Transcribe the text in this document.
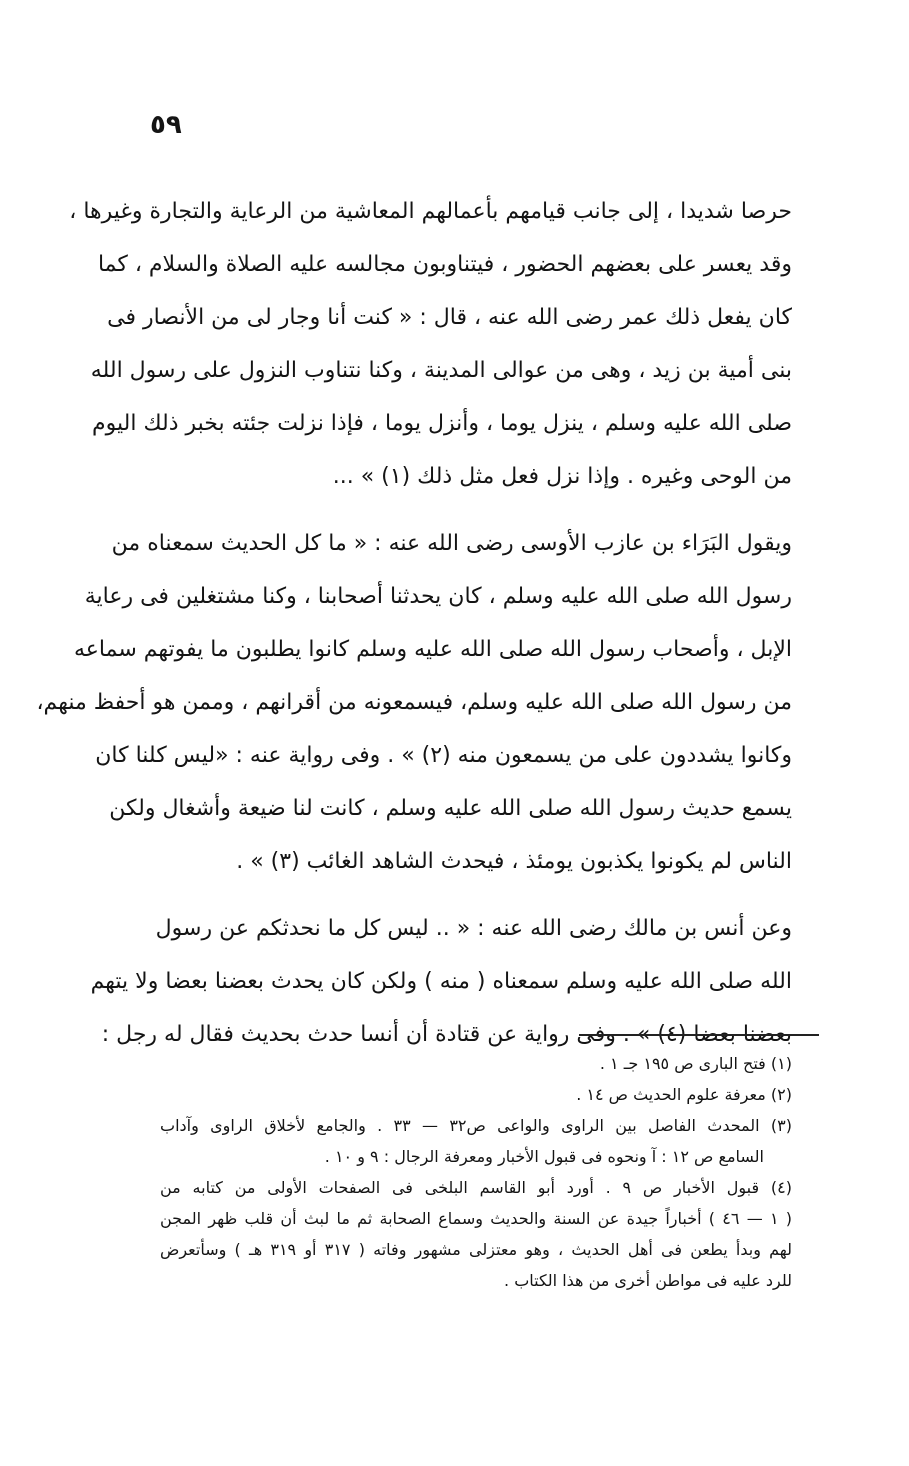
٥٩
حرصا شديدا ، إلى جانب قيامهم بأعمالهم المعاشية من الرعاية والتجارة وغيرها ،
وقد يعسر على بعضهم الحضور ، فيتناوبون مجالسه عليه الصلاة والسلام ، كما
كان يفعل ذلك عمر رضى الله عنه ، قال : « كنت أنا وجار لى من الأنصار فى
بنى أمية بن زيد ، وهى من عوالى المدينة ، وكنا نتناوب النزول على رسول الله
صلى الله عليه وسلم ، ينزل يوما ، وأنزل يوما ، فإذا نزلت جئته بخبر ذلك اليوم
من الوحى وغيره . وإذا نزل فعل مثل ذلك (١) » ...
ويقول البَرَاء بن عازب الأوسى رضى الله عنه : « ما كل الحديث سمعناه من
رسول الله صلى الله عليه وسلم ، كان يحدثنا أصحابنا ، وكنا مشتغلين فى رعاية
الإبل ، وأصحاب رسول الله صلى الله عليه وسلم كانوا يطلبون ما يفوتهم سماعه
من رسول الله صلى الله عليه وسلم، فيسمعونه من أقرانهم ، وممن هو أحفظ منهم،
وكانوا يشددون على من يسمعون منه (٢) » . وفى رواية عنه : «ليس كلنا كان
يسمع حديث رسول الله صلى الله عليه وسلم ، كانت لنا ضيعة وأشغال ولكن
الناس لم يكونوا يكذبون يومئذ ، فيحدث الشاهد الغائب (٣) » .
وعن أنس بن مالك رضى الله عنه : « .. ليس كل ما نحدثكم عن رسول
الله صلى الله عليه وسلم سمعناه ( منه ) ولكن كان يحدث بعضنا بعضا ولا يتهم
بعضنا بعضا (٤) » . وفى رواية عن قتادة أن أنسا حدث بحديث فقال له رجل :
(١) فتح البارى ص ١٩٥ جـ ١ .
(٢) معرفة علوم الحديث ص ١٤ .
(٣) المحدث الفاصل بين الراوى والواعى ص٣٢ — ٣٣ . والجامع لأخلاق الراوى وآداب
السامع ص ١٢ : آ ونحوه فى قبول الأخبار ومعرفة الرجال : ٩ و ١٠ .
(٤) قبول الأخبار ص ٩ . أورد أبو القاسم البلخى فى الصفحات الأولى من كتابه من
( ١ — ٤٦ ) أخباراً جيدة عن السنة والحديث وسماع الصحابة ثم ما لبث أن قلب ظهر المجن
لهم وبدأ يطعن فى أهل الحديث ، وهو معتزلى مشهور وفاته ( ٣١٧ أو ٣١٩ هـ ) وسأتعرض
للرد عليه فى مواطن أخرى من هذا الكتاب .
